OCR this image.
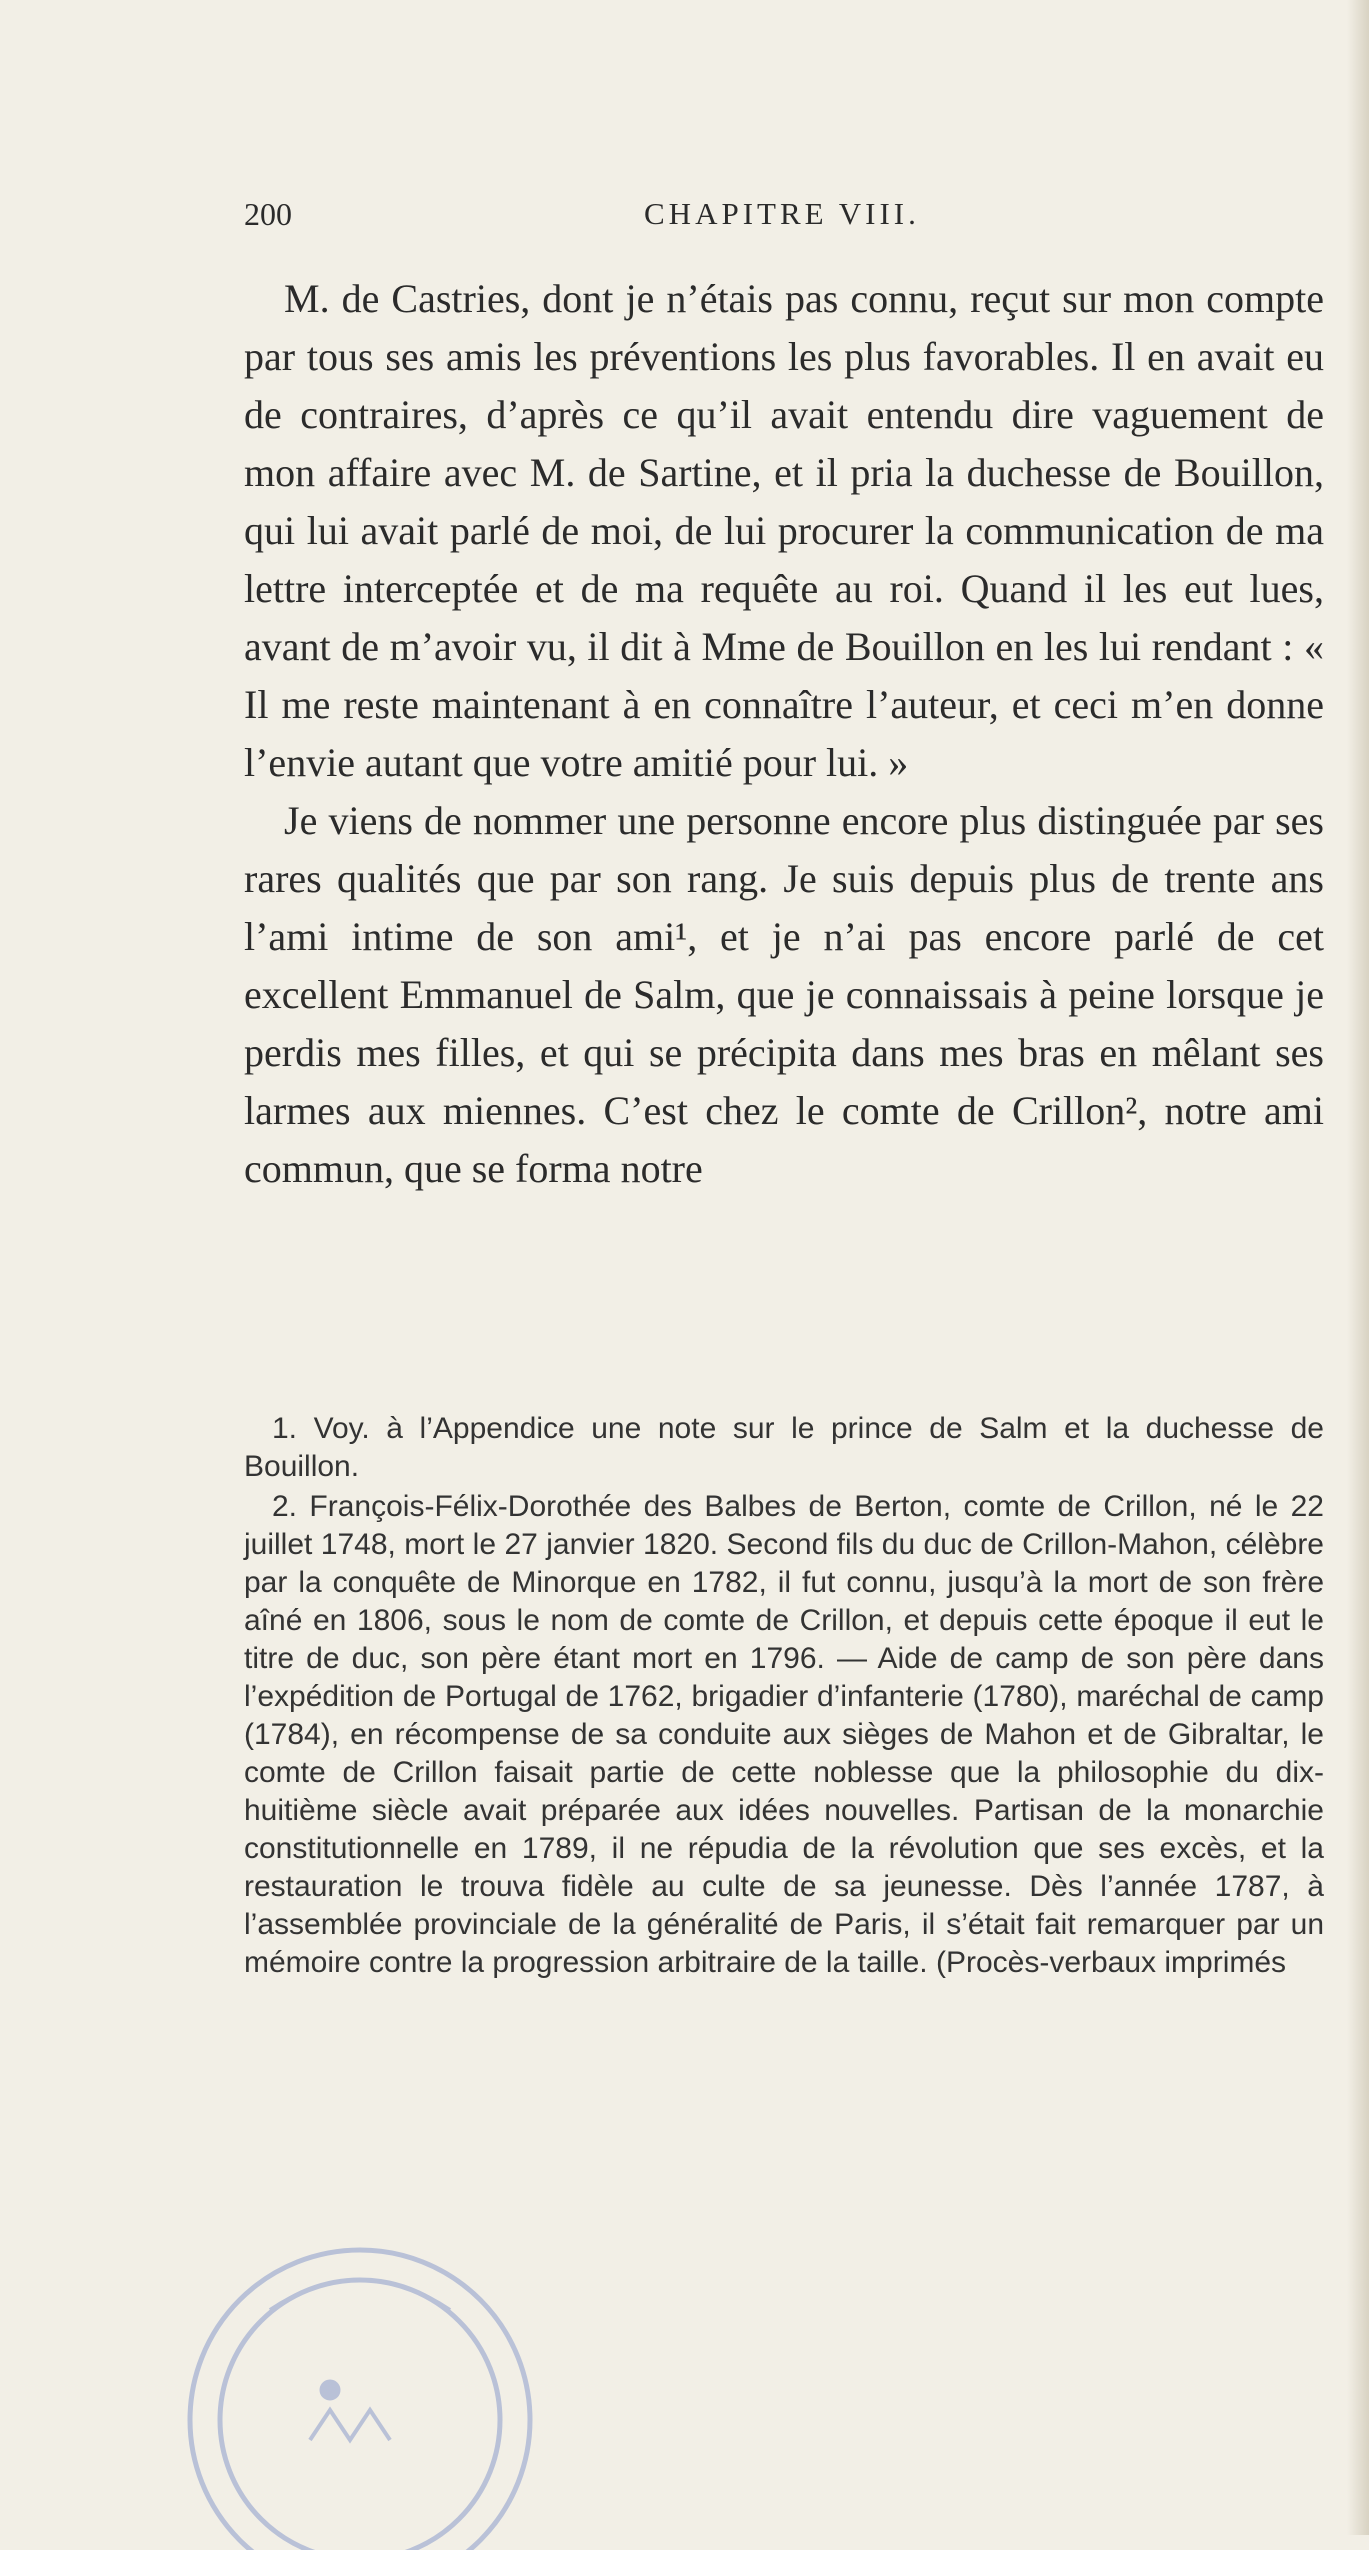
200	CHAPITRE VIII.

M. de Castries, dont je n’étais pas connu, reçut sur mon compte par tous ses amis les préventions les plus favorables. Il en avait eu de contraires, d’après ce qu’il avait entendu dire vaguement de mon affaire avec M. de Sartine, et il pria la duchesse de Bouillon, qui lui avait parlé de moi, de lui procurer la communication de ma lettre interceptée et de ma requête au roi. Quand il les eut lues, avant de m’avoir vu, il dit à Mme de Bouillon en les lui rendant : « Il me reste maintenant à en connaître l’auteur, et ceci m’en donne l’envie autant que votre amitié pour lui. »

Je viens de nommer une personne encore plus distinguée par ses rares qualités que par son rang. Je suis depuis plus de trente ans l’ami intime de son ami¹, et je n’ai pas encore parlé de cet excellent Emmanuel de Salm, que je connaissais à peine lorsque je perdis mes filles, et qui se précipita dans mes bras en mêlant ses larmes aux miennes. C’est chez le comte de Crillon², notre ami commun, que se forma notre

1. Voy. à l’Appendice une note sur le prince de Salm et la duchesse de Bouillon.

2. François-Félix-Dorothée des Balbes de Berton, comte de Crillon, né le 22 juillet 1748, mort le 27 janvier 1820. Second fils du duc de Crillon-Mahon, célèbre par la conquête de Minorque en 1782, il fut connu, jusqu’à la mort de son frère aîné en 1806, sous le nom de comte de Crillon, et depuis cette époque il eut le titre de duc, son père étant mort en 1796. — Aide de camp de son père dans l’expédition de Portugal de 1762, brigadier d’infanterie (1780), maréchal de camp (1784), en récompense de sa conduite aux sièges de Mahon et de Gibraltar, le comte de Crillon faisait partie de cette noblesse que la philosophie du dix-huitième siècle avait préparée aux idées nouvelles. Partisan de la monarchie constitutionnelle en 1789, il ne répudia de la révolution que ses excès, et la restauration le trouva fidèle au culte de sa jeunesse. Dès l’année 1787, à l’assemblée provinciale de la généralité de Paris, il s’était fait remarquer par un mémoire contre la progression arbitraire de la taille. (Procès-verbaux imprimés
